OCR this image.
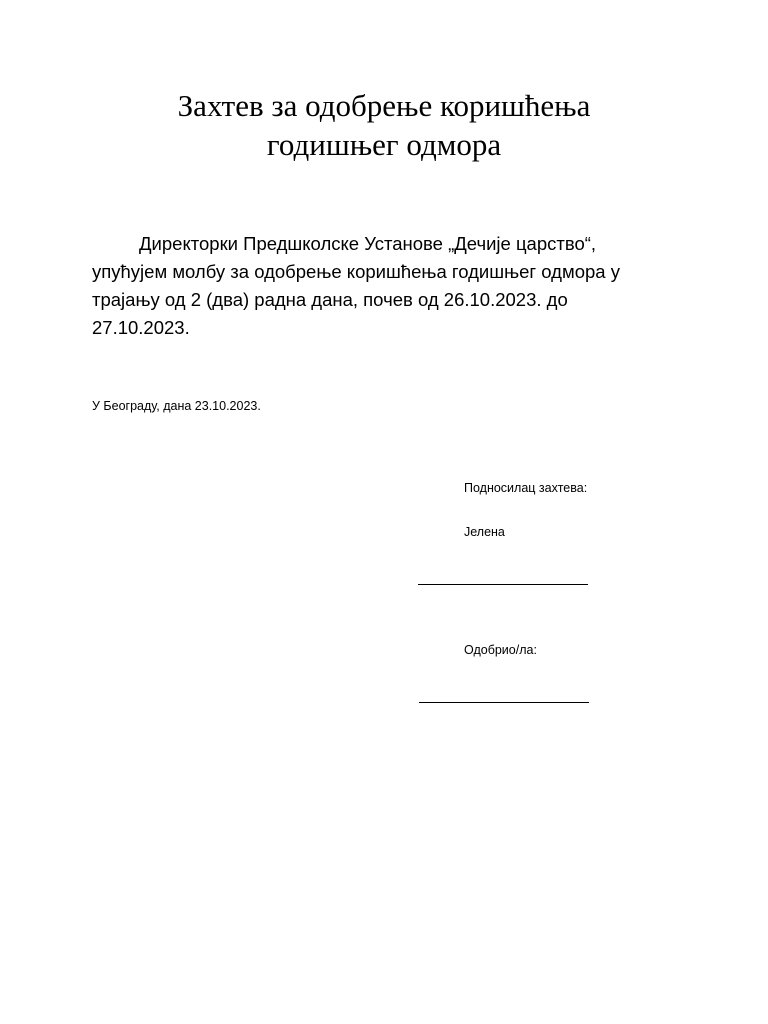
Захтев за одобрење коришћења
годишњег одмора

Директорки Предшколске Установе „Дечије царство“, упућујем молбу за одобрење коришћења годишњег одмора у трајању од 2 (два) радна дана, почев од 26.10.2023. до 27.10.2023.

У Београду, дана 23.10.2023.

Подносилац захтева:

Јелена

Одобрио/ла:
